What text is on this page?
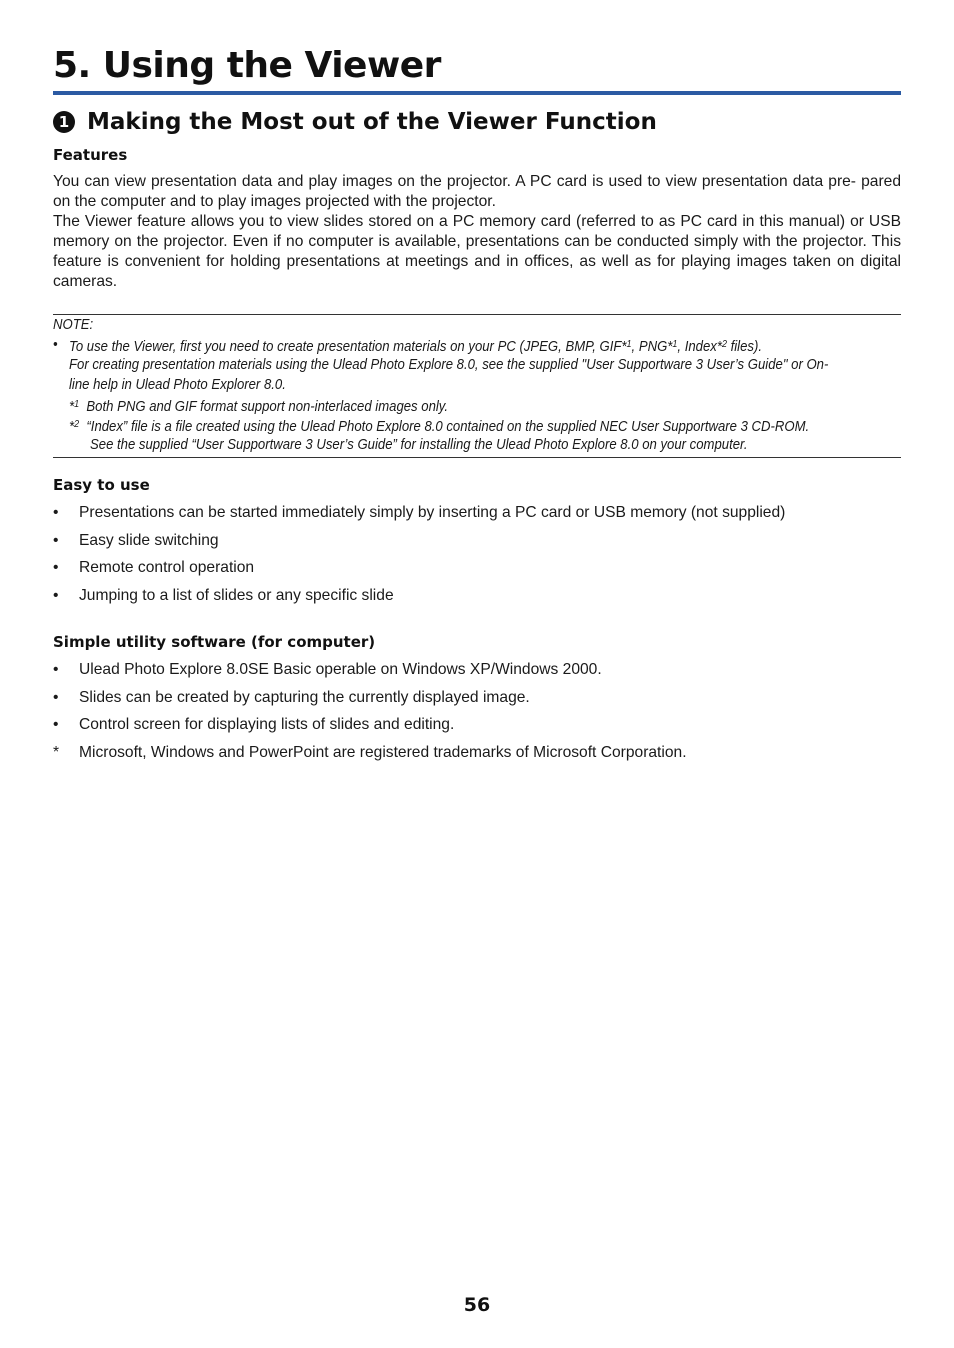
5. Using the Viewer
1 Making the Most out of the Viewer Function
Features

You can view presentation data and play images on the projector. A PC card is used to view presentation data pre- pared on the computer and to play images projected with the projector.

The Viewer feature allows you to view slides stored on a PC memory card (referred to as PC card in this manual) or USB memory on the projector. Even if no computer is available, presentations can be conducted simply with the projector. This feature is convenient for holding presentations at meetings and in offices, as well as for playing images taken on digital cameras.

NOTE:

• To use the Viewer, first you need to create presentation materials on your PC (JPEG, BMP, GIF*$^1$, PNG*$^1$, Index*$^2$ files).

For creating presentation materials using the Ulead Photo Explore 8.0, see the supplied "User Supportware 3 User’s Guide" or On-

line help in Ulead Photo Explorer 8.0.

*$^1$ Both PNG and GIF format support non-interlaced images only.

*$^2$ “Index” file is a file created using the Ulead Photo Explore 8.0 contained on the supplied NEC User Supportware 3 CD-ROM.

See the supplied “User Supportware 3 User’s Guide” for installing the Ulead Photo Explore 8.0 on your computer.

Easy to use
•	Presentations can be started immediately simply by inserting a PC card or USB memory (not supplied)
•	Easy slide switching
•	Remote control operation
•	Jumping to a list of slides or any specific slide
Simple utility software (for computer)
•	Ulead Photo Explore 8.0SE Basic operable on Windows XP/Windows 2000.
•	Slides can be created by capturing the currently displayed image.
•	Control screen for displaying lists of slides and editing.
*	Microsoft, Windows and PowerPoint are registered trademarks of Microsoft Corporation.

56
